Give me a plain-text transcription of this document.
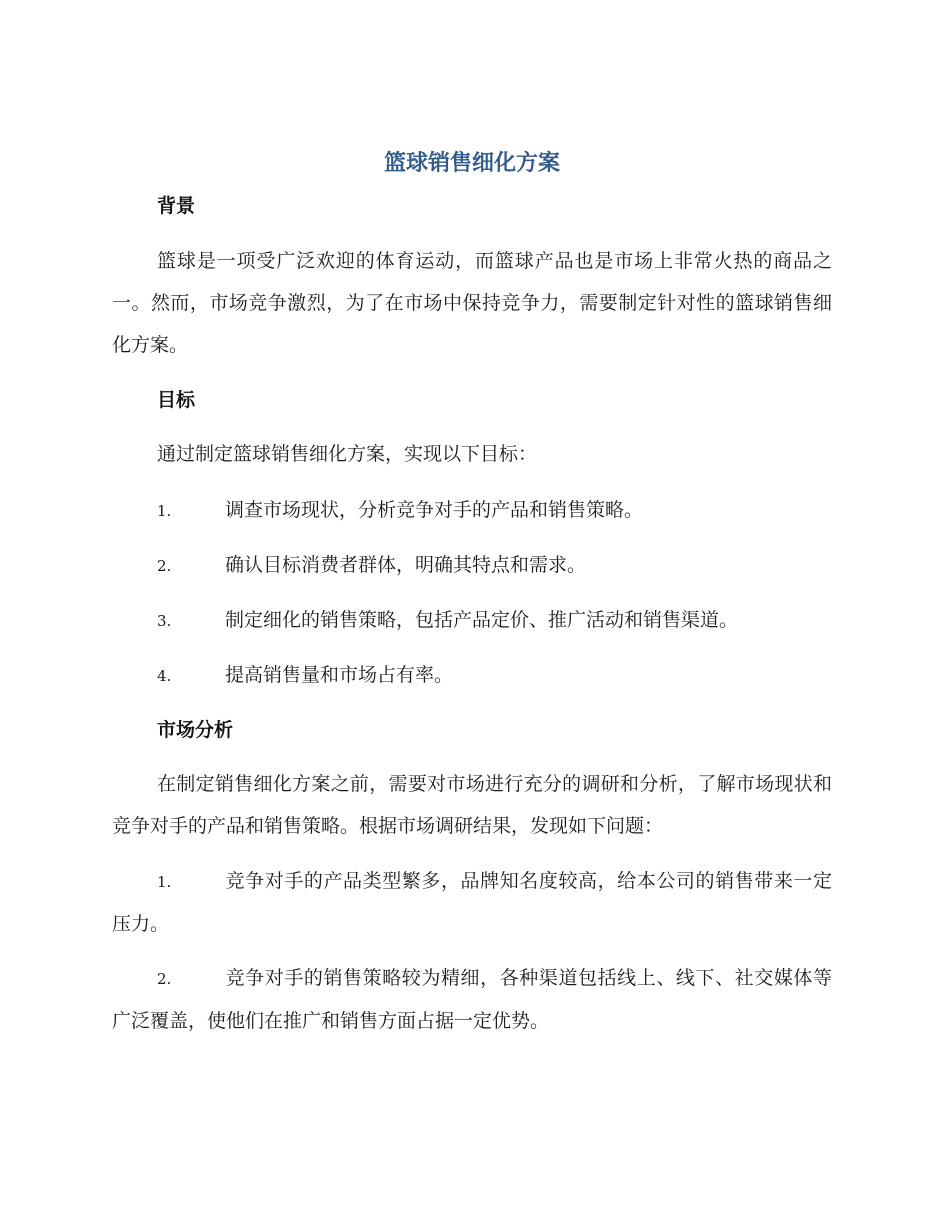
篮球销售细化方案
背景

篮球是一项受广泛欢迎的体育运动，而篮球产品也是市场上非常火热的商品之一。然而，市场竞争激烈，为了在市场中保持竞争力，需要制定针对性的篮球销售细化方案。

目标

通过制定篮球销售细化方案，实现以下目标：

1.	调查市场现状，分析竞争对手的产品和销售策略。

2.	确认目标消费者群体，明确其特点和需求。

3.	制定细化的销售策略，包括产品定价、推广活动和销售渠道。

4.	提高销售量和市场占有率。

市场分析

在制定销售细化方案之前，需要对市场进行充分的调研和分析，了解市场现状和竞争对手的产品和销售策略。根据市场调研结果，发现如下问题：

1.	竞争对手的产品类型繁多，品牌知名度较高，给本公司的销售带来一定压力。

2.	竞争对手的销售策略较为精细，各种渠道包括线上、线下、社交媒体等广泛覆盖，使他们在推广和销售方面占据一定优势。
